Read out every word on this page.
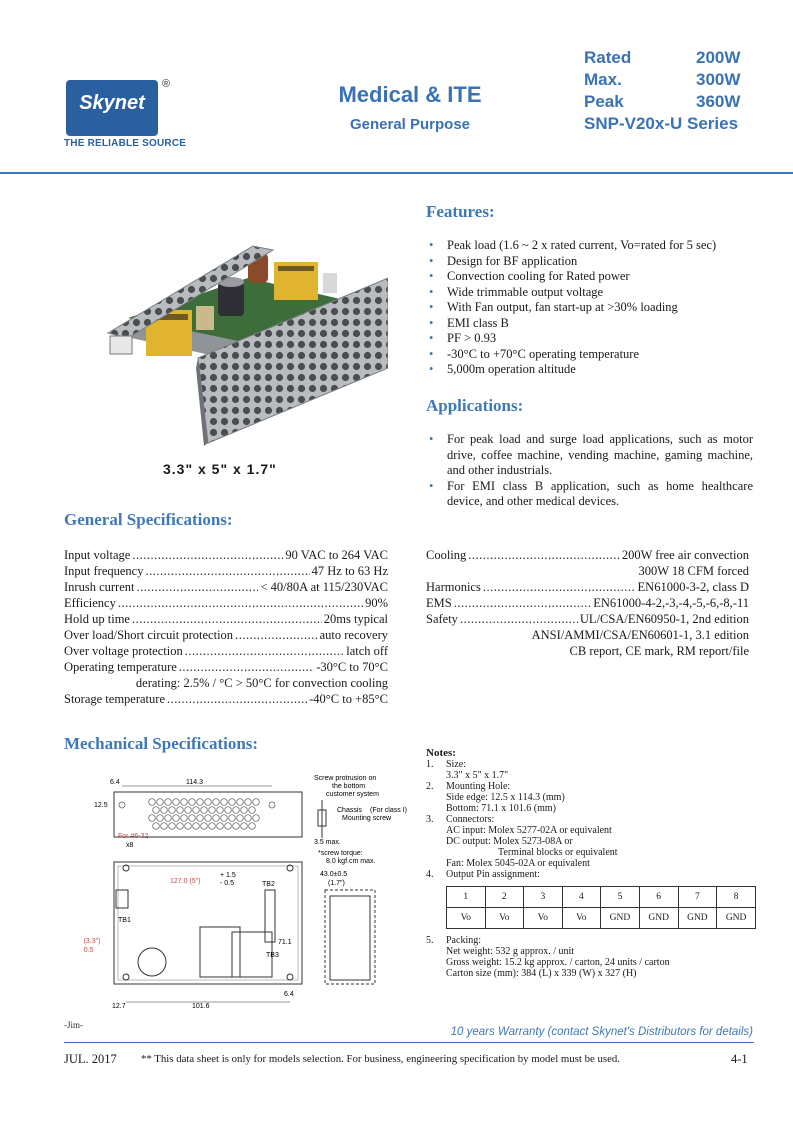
Skynet
®
THE RELIABLE SOURCE
Medical & ITE
General Purpose
Rated	200W
Max.	300W
Peak	360W
SNP-V20x-U Series
3.3" x 5" x 1.7"
Features:
• Peak load (1.6 ~ 2 x rated current, Vo=rated for 5 sec)
• Design for BF application
• Convection cooling for Rated power
• Wide trimmable output voltage
• With Fan output, fan start-up at >30% loading
• EMI class B
• PF > 0.93
• -30°C to +70°C operating temperature
• 5,000m operation altitude
Applications:
• For peak load and surge load applications, such as motor drive, coffee machine, vending machine, gaming machine, and other industrials.
• For EMI class B application, such as home healthcare device, and other medical devices.
General Specifications:
Input voltage .....	90 VAC to 264 VAC
Input frequency .....	47 Hz to 63 Hz
Inrush current .....	< 40/80A at 115/230VAC
Efficiency .....	90%
Hold up time .....	20ms typical
Over load/Short circuit protection .....	auto recovery
Over voltage protection .....	latch off
Operating temperature .....	-30°C to 70°C
derating: 2.5% / °C > 50°C for convection cooling
Storage temperature .....	-40°C to +85°C
Cooling .....	200W free air convection
300W 18 CFM forced
Harmonics .....	EN61000-3-2, class D
EMS .....	EN61000-4-2,-3,-4,-5,-6,-8,-11
Safety .....	UL/CSA/EN60950-1, 2nd edition
ANSI/AMMI/CSA/EN60601-1, 3.1 edition
CB report, CE mark, RM report/file
Mechanical Specifications:
6.4	114.3
12.5
For #6-32
x8
127.0 (5")
+ 1.5
- 0.5
(3.3")
0.5
71.1
6.4
12.7	101.6
TB1
TB2
TB3
Screw protrusion on
the bottom
customer system
Chassis (For class I)
Mounting screw
3.5 max.
*screw torque:
8.0 kgf.cm max.
43.0±0.5
(1.7")
Notes:
1. Size:
3.3" x 5" x 1.7"
2. Mounting Hole:
Side edge: 12.5 x 114.3 (mm)
Bottom: 71.1 x 101.6 (mm)
3. Connectors:
AC input: Molex 5277-02A or equivalent
DC output: Molex 5273-08A or
Terminal blocks or equivalent
Fan: Molex 5045-02A or equivalent
4. Output Pin assignment:
1	2	3	4	5	6	7	8
Vo	Vo	Vo	Vo	GND	GND	GND	GND
5. Packing:
Net weight: 532 g approx. / unit
Gross weight: 15.2 kg approx. / carton, 24 units / carton
Carton size (mm): 384 (L) x 339 (W) x 327 (H)
-Jim-
10 years Warranty (contact Skynet's Distributors for details)
JUL. 2017 ** This data sheet is only for models selection. For business, engineering specification by model must be used.	4-1
